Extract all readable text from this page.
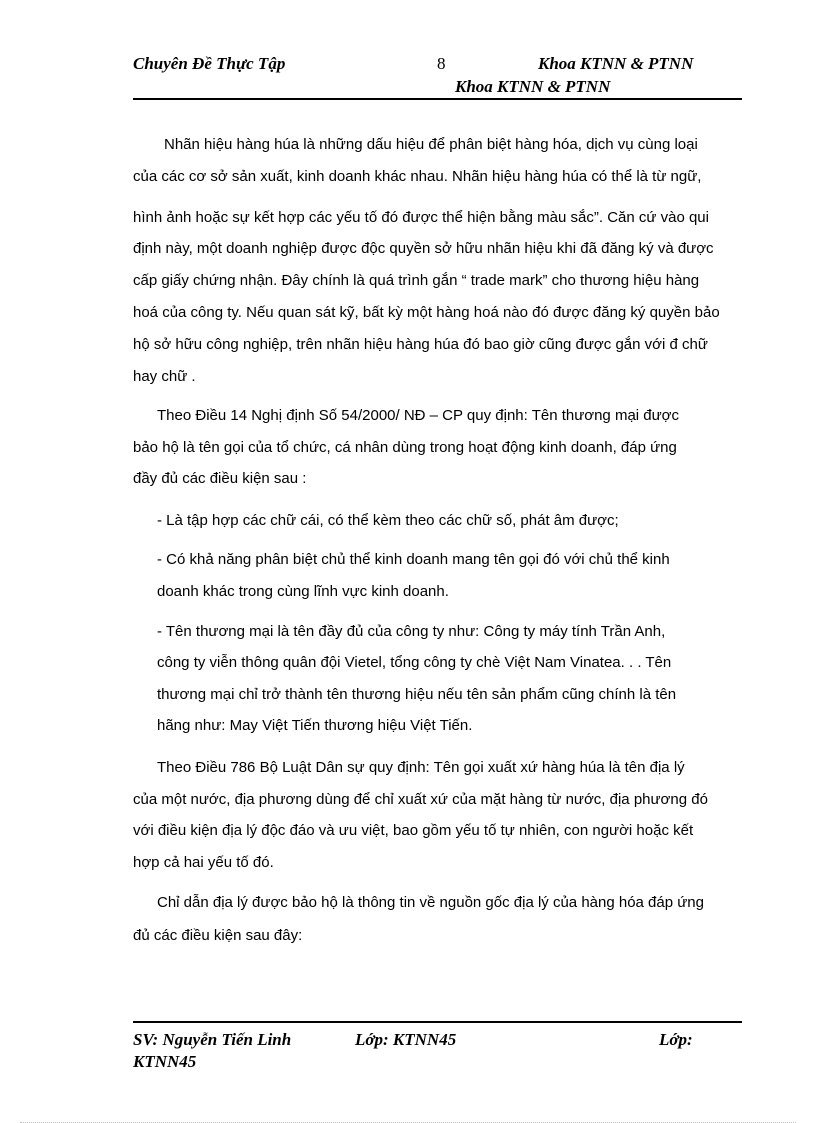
Chuyên Đề Thực Tập	8	Khoa KTNN & PTNN
Khoa KTNN & PTNN
Nhãn hiệu hàng húa là những dấu hiệu để phân biệt hàng hóa, dịch vụ cùng loại
của các cơ sở sản xuất, kinh doanh khác nhau. Nhãn hiệu hàng húa có thể là từ ngữ,
hình ảnh hoặc sự kết hợp các yếu tố đó được thể hiện bằng màu sắc”. Căn cứ vào qui
định này, một doanh nghiệp được độc quyền sở hữu nhãn hiệu khi đã đăng ký và được
cấp giấy chứng nhận. Đây chính là quá trình gắn “ trade mark” cho thương hiệu hàng
hoá của công ty. Nếu quan sát kỹ, bất kỳ một hàng hoá nào đó được đăng ký quyền bảo
hộ sở hữu công nghiệp, trên nhãn hiệu hàng húa đó bao giờ cũng được gắn với đ chữ
hay chữ .
Theo Điều 14 Nghị định Số 54/2000/ NĐ – CP quy định: Tên thương mại được
bảo hộ là tên gọi của tổ chức, cá nhân dùng trong hoạt động kinh doanh, đáp ứng
đầy đủ các điều kiện sau :
- Là tập hợp các chữ cái, có thể kèm theo các chữ số, phát âm được;
- Có khả năng phân biệt chủ thể kinh doanh mang tên gọi đó với chủ thể kinh
doanh khác trong cùng lĩnh vực kinh doanh.
- Tên thương mại là tên đầy đủ của công ty như: Công ty máy tính Trần Anh,
công ty viễn thông quân đội Vietel, tổng công ty chè Việt Nam Vinatea. . . Tên
thương mại chỉ trở thành tên thương hiệu nếu tên sản phẩm cũng chính là tên
hãng như: May Việt Tiến thương hiệu Việt Tiến.
Theo Điều 786 Bộ Luật Dân sự quy định: Tên gọi xuất xứ hàng húa là tên địa lý
của một nước, địa phương dùng để chỉ xuất xứ của mặt hàng từ nước, địa phương đó
với điều kiện địa lý độc đáo và ưu việt, bao gồm yếu tố tự nhiên, con người hoặc kết
hợp cả hai yếu tố đó.
Chỉ dẫn địa lý được bảo hộ là thông tin về nguồn gốc địa lý của hàng hóa đáp ứng
đủ các điều kiện sau đây:
SV: Nguyễn Tiến Linh	Lớp: KTNN45	Lớp:
KTNN45
